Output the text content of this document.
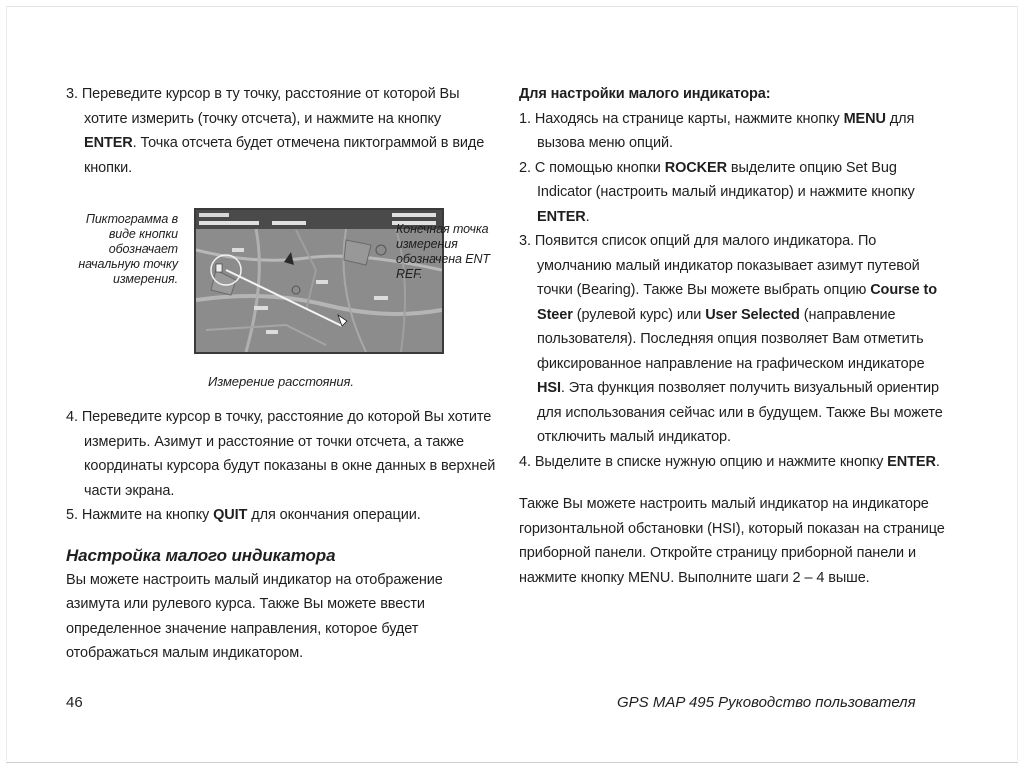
3. Переведите курсор в ту точку, расстояние от которой Вы хотите измерить (точку отсчета), и нажмите на кнопку ENTER. Точка отсчета будет отмечена пиктограммой в виде кнопки.

Пиктограмма в виде кнопки обозначает начальную точку измерения.
Конечная точка измерения обозначена ENT REF.
Измерение расстояния.

4. Переведите курсор в точку, расстояние до которой Вы хотите измерить. Азимут и расстояние от точки отсчета, а также координаты курсора будут показаны в окне данных в верхней части экрана.

5. Нажмите на кнопку QUIT для окончания операции.

Настройка малого индикатора

Вы можете настроить малый индикатор на отображение азимута или рулевого курса. Также Вы можете ввести определенное значение направления, которое будет отображаться малым индикатором.

Для настройки малого индикатора:

1. Находясь на странице карты, нажмите кнопку MENU для вызова меню опций.

2. С помощью кнопки ROCKER выделите опцию Set Bug Indicator (настроить малый индикатор) и нажмите кнопку ENTER.

3. Появится список опций для малого индикатора. По умолчанию малый индикатор показывает азимут путевой точки (Bearing). Также Вы можете выбрать опцию Course to Steer (рулевой курс) или User Selected (направление пользователя). Последняя опция позволяет Вам отметить фиксированное направление на графическом индикаторе HSI. Эта функция позволяет получить визуальный ориентир для использования сейчас или в будущем. Также Вы можете отключить малый индикатор.

4. Выделите в списке нужную опцию и нажмите кнопку ENTER.

Также Вы можете настроить малый индикатор на индикаторе горизонтальной обстановки (HSI), который показан на странице приборной панели. Откройте страницу приборной панели и нажмите кнопку MENU. Выполните шаги 2 – 4 выше.

46	GPS MAP 495 Руководство пользователя
